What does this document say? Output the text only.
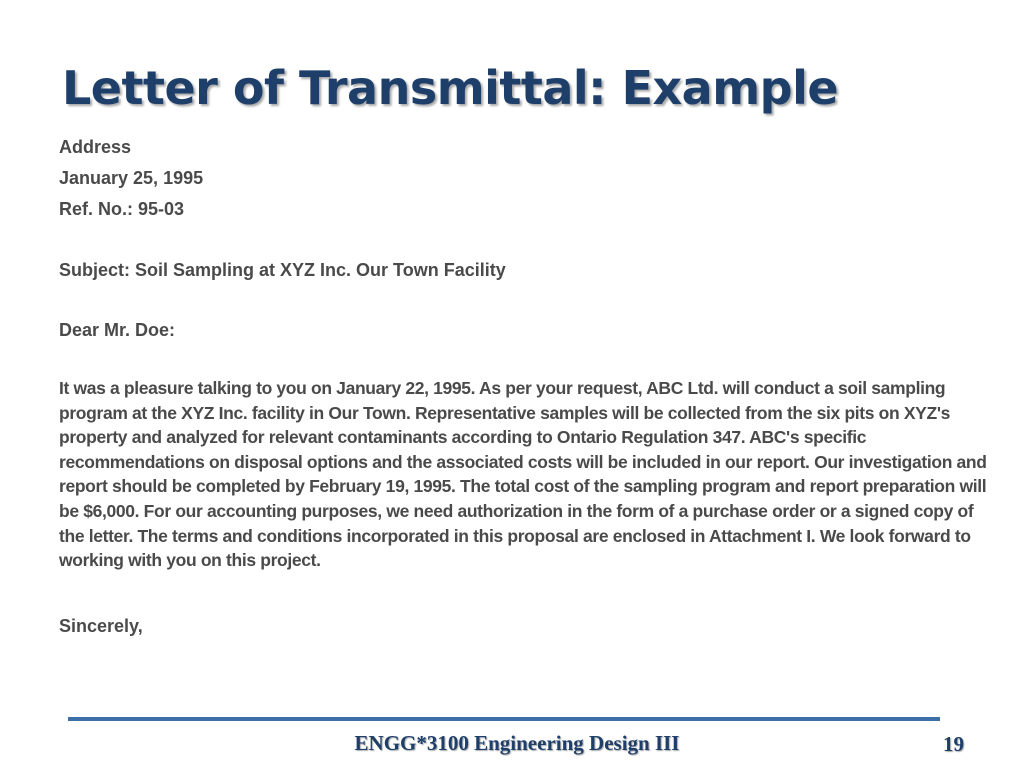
Letter of Transmittal: Example

Address

January 25, 1995

Ref. No.: 95-03

Subject: Soil Sampling at XYZ Inc. Our Town Facility

Dear Mr. Doe:

It was a pleasure talking to you on January 22, 1995. As per your request, ABC Ltd. will conduct a soil sampling program at the XYZ Inc. facility in Our Town. Representative samples will be collected from the six pits on XYZ's property and analyzed for relevant contaminants according to Ontario Regulation 347. ABC's specific recommendations on disposal options and the associated costs will be included in our report. Our investigation and report should be completed by February 19, 1995. The total cost of the sampling program and report preparation will be $6,000. For our accounting purposes, we need authorization in the form of a purchase order or a signed copy of the letter. The terms and conditions incorporated in this proposal are enclosed in Attachment I. We look forward to working with you on this project.

Sincerely,

ENGG*3100 Engineering Design III	19
